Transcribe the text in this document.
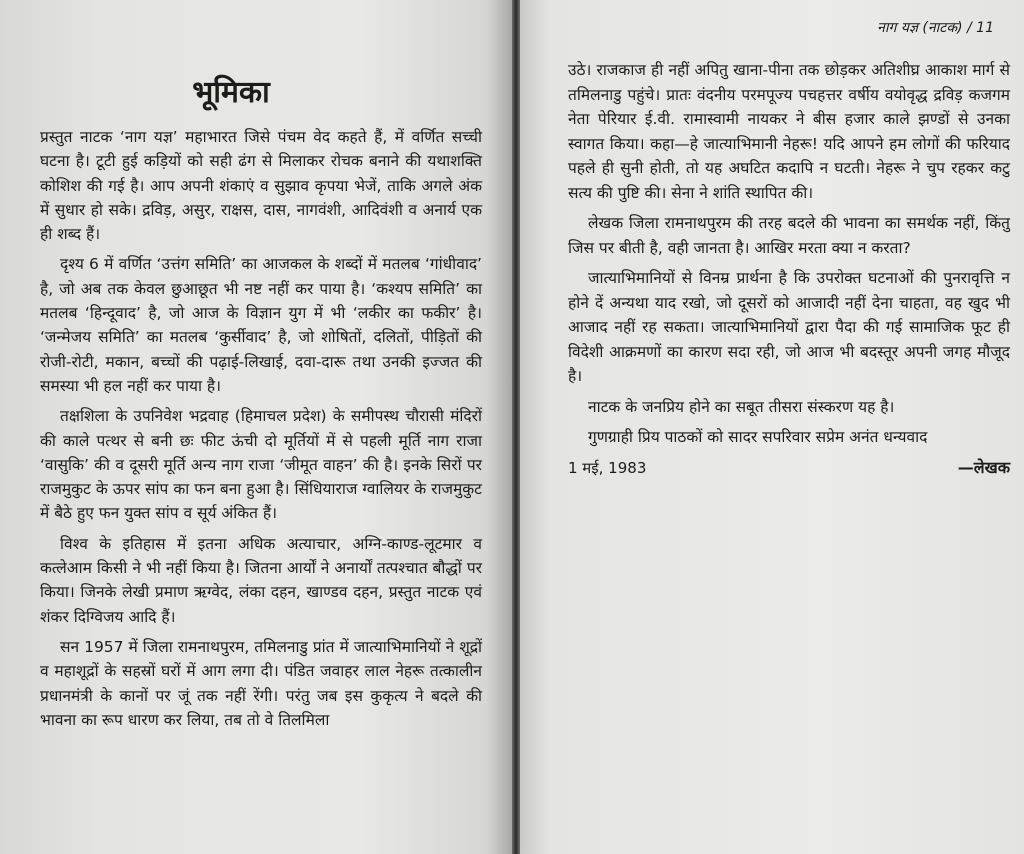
भूमिका

प्रस्तुत नाटक ‘नाग यज्ञ’ महाभारत जिसे पंचम वेद कहते हैं, में वर्णित सच्ची घटना है। टूटी हुई कड़ियों को सही ढंग से मिलाकर रोचक बनाने की यथाशक्ति कोशिश की गई है। आप अपनी शंकाएं व सुझाव कृपया भेजें, ताकि अगले अंक में सुधार हो सके। द्रविड़, असुर, राक्षस, दास, नागवंशी, आदिवंशी व अनार्य एक ही शब्द हैं।

दृश्य 6 में वर्णित ‘उत्तंग समिति’ का आजकल के शब्दों में मतलब ‘गांधीवाद’ है, जो अब तक केवल छुआछूत भी नष्ट नहीं कर पाया है। ‘कश्यप समिति’ का मतलब ‘हिन्दूवाद’ है, जो आज के विज्ञान युग में भी ‘लकीर का फकीर’ है। ‘जन्मेजय समिति’ का मतलब ‘कुर्सीवाद’ है, जो शोषितों, दलितों, पीड़ितों की रोजी-रोटी, मकान, बच्चों की पढ़ाई-लिखाई, दवा-दारू तथा उनकी इज्जत की समस्या भी हल नहीं कर पाया है।

तक्षशिला के उपनिवेश भद्रवाह (हिमाचल प्रदेश) के समीपस्थ चौरासी मंदिरों की काले पत्थर से बनी छः फीट ऊंची दो मूर्तियों में से पहली मूर्ति नाग राजा ‘वासुकि’ की व दूसरी मूर्ति अन्य नाग राजा ‘जीमूत वाहन’ की है। इनके सिरों पर राजमुकुट के ऊपर सांप का फन बना हुआ है। सिंधियाराज ग्वालियर के राजमुकुट में बैठे हुए फन युक्त सांप व सूर्य अंकित हैं।

विश्व के इतिहास में इतना अधिक अत्याचार, अग्नि-काण्ड-लूटमार व कत्लेआम किसी ने भी नहीं किया है। जितना आर्यों ने अनार्यों तत्पश्चात बौद्धों पर किया। जिनके लेखी प्रमाण ऋग्वेद, लंका दहन, खाण्डव दहन, प्रस्तुत नाटक एवं शंकर दिग्विजय आदि हैं।

सन 1957 में जिला रामनाथपुरम, तमिलनाडु प्रांत में जात्याभिमानियों ने शूद्रों व महाशूद्रों के सहस्रों घरों में आग लगा दी। पंडित जवाहर लाल नेहरू तत्कालीन प्रधानमंत्री के कानों पर जूं तक नहीं रेंगी। परंतु जब इस कुकृत्य ने बदले की भावना का रूप धारण कर लिया, तब तो वे तिलमिला

नाग यज्ञ (नाटक) / 11

उठे। राजकाज ही नहीं अपितु खाना-पीना तक छोड़कर अतिशीघ्र आकाश मार्ग से तमिलनाडु पहुंचे। प्रातः वंदनीय परमपूज्य पचहत्तर वर्षीय वयोवृद्ध द्रविड़ कजगम नेता पेरियार ई.वी. रामास्वामी नायकर ने बीस हजार काले झण्डों से उनका स्वागत किया। कहा—हे जात्याभिमानी नेहरू! यदि आपने हम लोगों की फरियाद पहले ही सुनी होती, तो यह अघटित कदापि न घटती। नेहरू ने चुप रहकर कटु सत्य की पुष्टि की। सेना ने शांति स्थापित की।

लेखक जिला रामनाथपुरम की तरह बदले की भावना का समर्थक नहीं, किंतु जिस पर बीती है, वही जानता है। आखिर मरता क्या न करता?

जात्याभिमानियों से विनम्र प्रार्थना है कि उपरोक्त घटनाओं की पुनरावृत्ति न होने दें अन्यथा याद रखो, जो दूसरों को आजादी नहीं देना चाहता, वह खुद भी आजाद नहीं रह सकता। जात्याभिमानियों द्वारा पैदा की गई सामाजिक फूट ही विदेशी आक्रमणों का कारण सदा रही, जो आज भी बदस्तूर अपनी जगह मौजूद है।

नाटक के जनप्रिय होने का सबूत तीसरा संस्करण यह है।

गुणग्राही प्रिय पाठकों को सादर सपरिवार सप्रेम अनंत धन्यवाद

1 मई, 1983	—लेखक
